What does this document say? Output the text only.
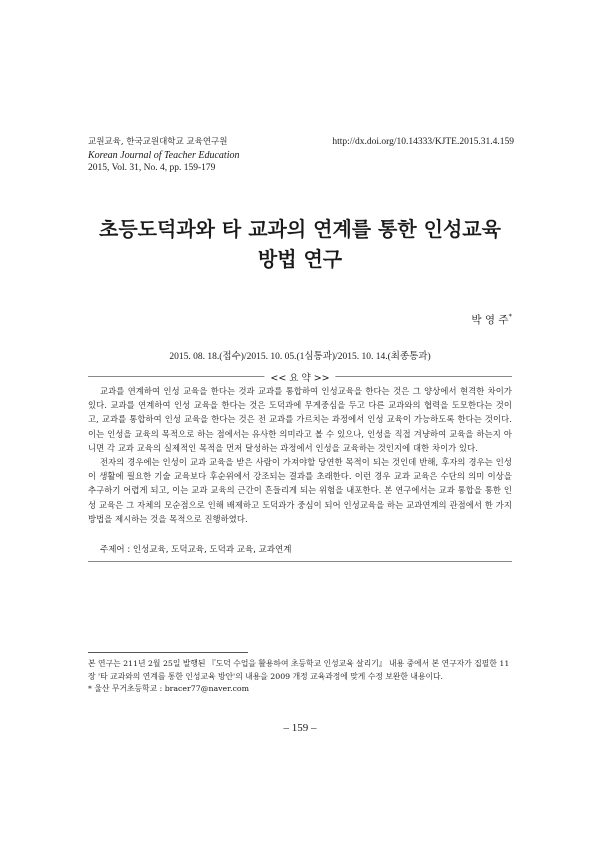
교원교육, 한국교원대학교 교육연구원
Korean Journal of Teacher Education
2015, Vol. 31, No. 4, pp. 159-179
http://dx.doi.org/10.14333/KJTE.2015.31.4.159
초등도덕과와 타 교과의 연계를 통한 인성교육
방법 연구
박 영 주*
2015. 08. 18.(접수)/2015. 10. 05.(1심통과)/2015. 10. 14.(최종통과)
<< 요 약 >>

교과를 연계하여 인성 교육을 한다는 것과 교과를 통합하여 인성교육을 한다는 것은 그 양상에서 현격한 차이가 있다. 교과를 연계하여 인성 교육을 한다는 것은 도덕과에 무게중심을 두고 다른 교과와의 협력을 도모한다는 것이고, 교과를 통합하여 인성 교육을 한다는 것은 전 교과를 가르치는 과정에서 인성 교육이 가능하도록 한다는 것이다. 이는 인성을 교육의 목적으로 하는 점에서는 유사한 의미라고 볼 수 있으나, 인성을 직접 겨냥하여 교육을 하는지 아니면 각 교과 교육의 실제적인 목적을 먼저 달성하는 과정에서 인성을 교육하는 것인지에 대한 차이가 있다.

전자의 경우에는 인성이 교과 교육을 받은 사람이 가져야할 당연한 목적이 되는 것인데 반해, 후자의 경우는 인성이 생활에 필요한 기술 교육보다 후순위에서 강조되는 결과를 초래한다. 이런 경우 교과 교육은 수단의 의미 이상을 추구하기 어렵게 되고, 이는 교과 교육의 근간이 흔들리게 되는 위험을 내포한다. 본 연구에서는 교과 통합을 통한 인성 교육은 그 자체의 모순점으로 인해 배제하고 도덕과가 중심이 되어 인성교육을 하는 교과연계의 관점에서 한 가지 방법을 제시하는 것을 목적으로 진행하였다.

주제어 : 인성교육, 도덕교육, 도덕과 교육, 교과연계

본 연구는 211년 2월 25일 발행된 『도덕 수업을 활용하여 초등학교 인성교육 살리기』 내용 중에서 본 연구자가 집필한 11장 '타 교과와의 연계를 통한 인성교육 방안'의 내용을 2009 개정 교육과정에 맞게 수정 보완한 내용이다.

* 울산 무거초등학교 : bracer77@naver.com

– 159 –
